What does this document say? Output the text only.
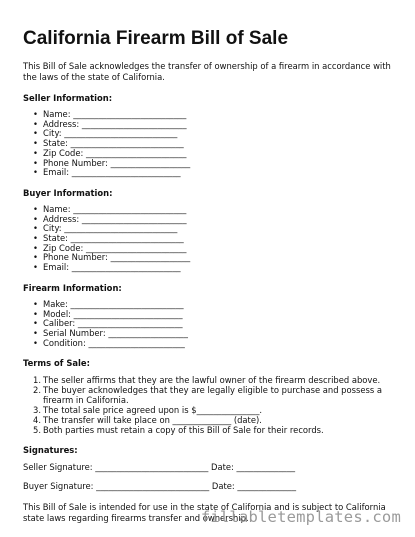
California Firearm Bill of Sale

This Bill of Sale acknowledges the transfer of ownership of a firearm in accordance with the laws of the state of California.

Seller Information:
• Name: ___________________________
• Address: _________________________
• City: ___________________________
• State: ___________________________
• Zip Code: ________________________
• Phone Number: ___________________
• Email: __________________________
Buyer Information:
• Name: ___________________________
• Address: _________________________
• City: ___________________________
• State: ___________________________
• Zip Code: ________________________
• Phone Number: ___________________
• Email: __________________________
Firearm Information:
• Make: ___________________________
• Model: __________________________
• Caliber: _________________________
• Serial Number: ___________________
• Condition: _______________________
Terms of Sale:
1. The seller affirms that they are the lawful owner of the firearm described above.
2. The buyer acknowledges that they are legally eligible to purchase and possess a
firearm in California.
3. The total sale price agreed upon is $_______________.
4. The transfer will take place on ______________ (date).
5. Both parties must retain a copy of this Bill of Sale for their records.
Signatures:
Seller Signature: ___________________________ Date: ______________
Buyer Signature: ___________________________ Date: ______________

This Bill of Sale is intended for use in the state of California and is subject to California state laws regarding firearms transfer and ownership.

fillabletemplates.com
